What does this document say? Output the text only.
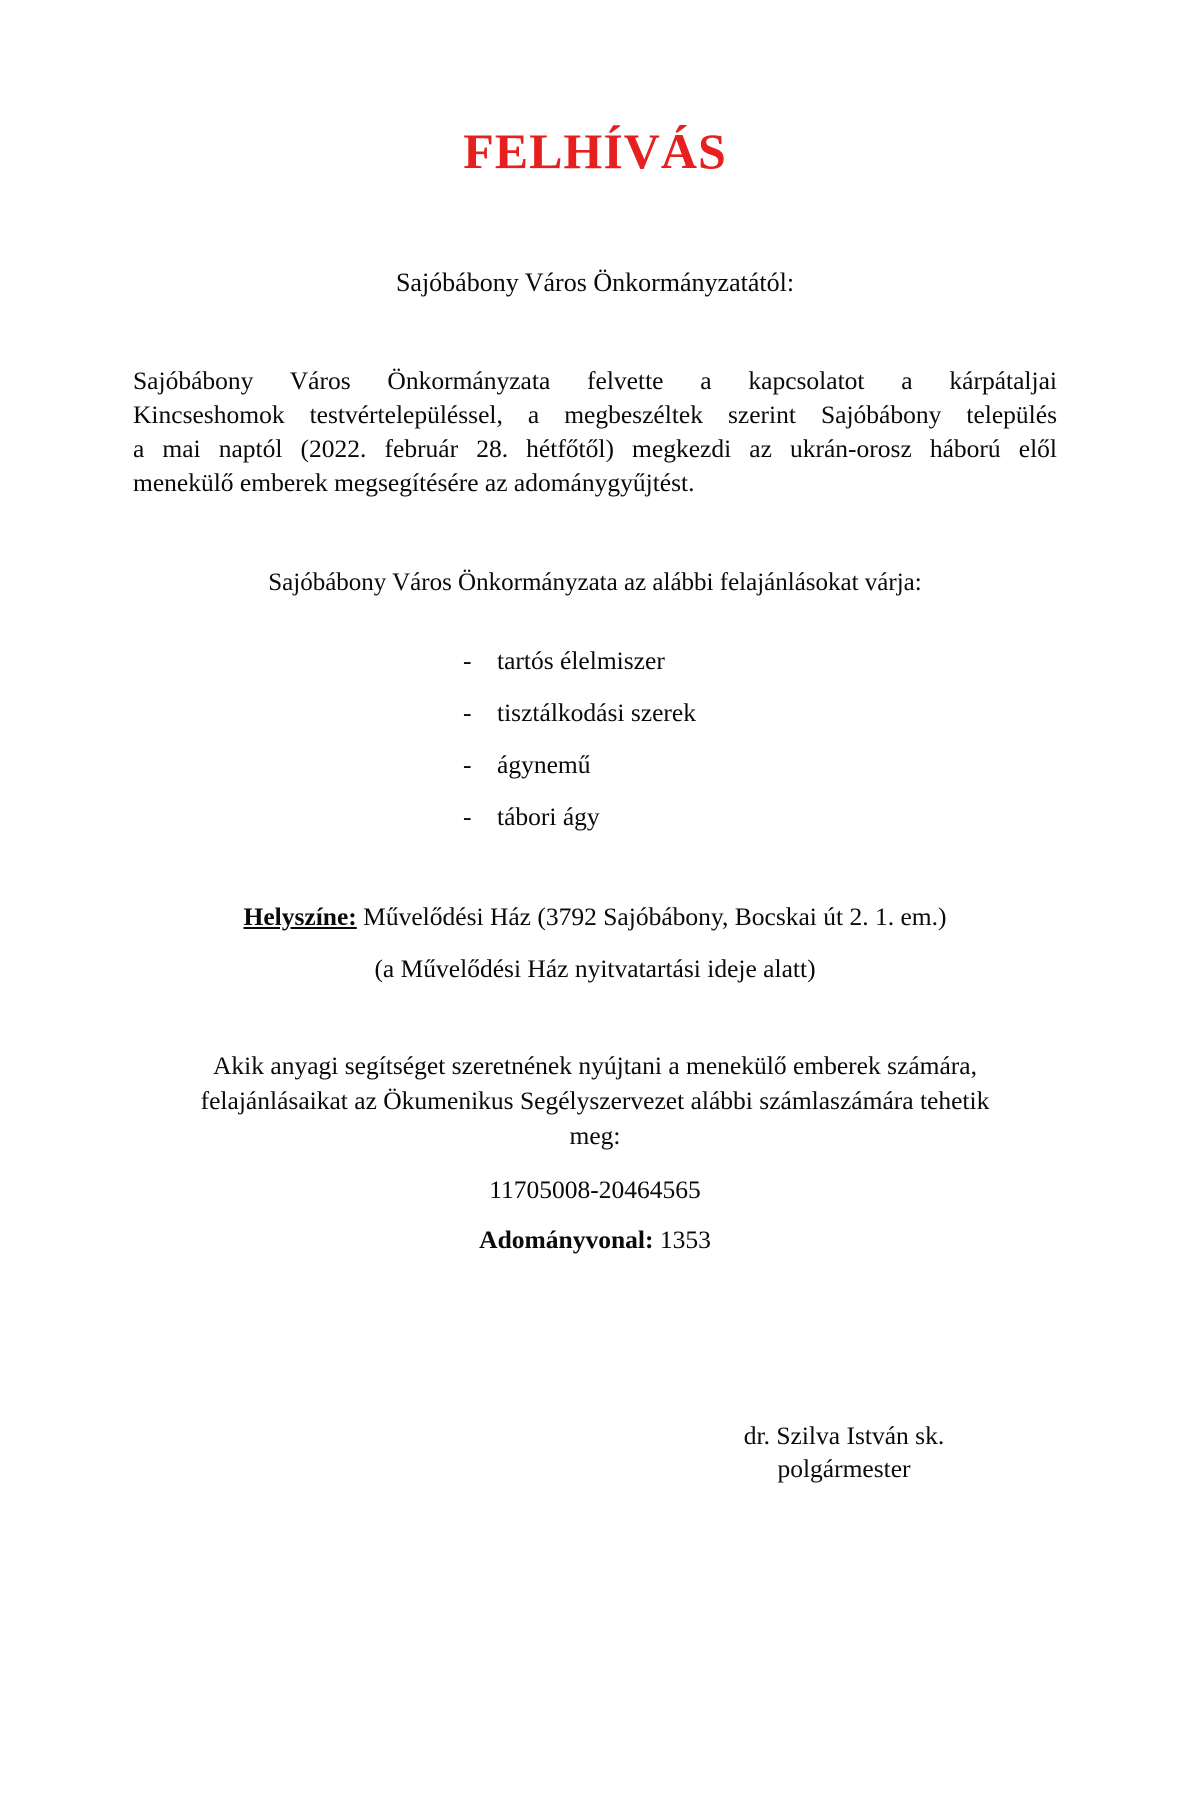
FELHÍVÁS
Sajóbábony Város Önkormányzatától:
Sajóbábony Város Önkormányzata felvette a kapcsolatot a kárpátaljai
Kincseshomok testvértelepüléssel, a megbeszéltek szerint Sajóbábony település
a mai naptól (2022. február 28. hétfőtől) megkezdi az ukrán-orosz háború elől
menekülő emberek megsegítésére az adománygyűjtést.
Sajóbábony Város Önkormányzata az alábbi felajánlásokat várja:
-	tartós élelmiszer
-	tisztálkodási szerek
-	ágynemű
-	tábori ágy
Helyszíne: Művelődési Ház (3792 Sajóbábony, Bocskai út 2. 1. em.)
(a Művelődési Ház nyitvatartási ideje alatt)
Akik anyagi segítséget szeretnének nyújtani a menekülő emberek számára,
felajánlásaikat az Ökumenikus Segélyszervezet alábbi számlaszámára tehetik
meg:
11705008-20464565
Adományvonal: 1353
dr. Szilva István sk.
polgármester
